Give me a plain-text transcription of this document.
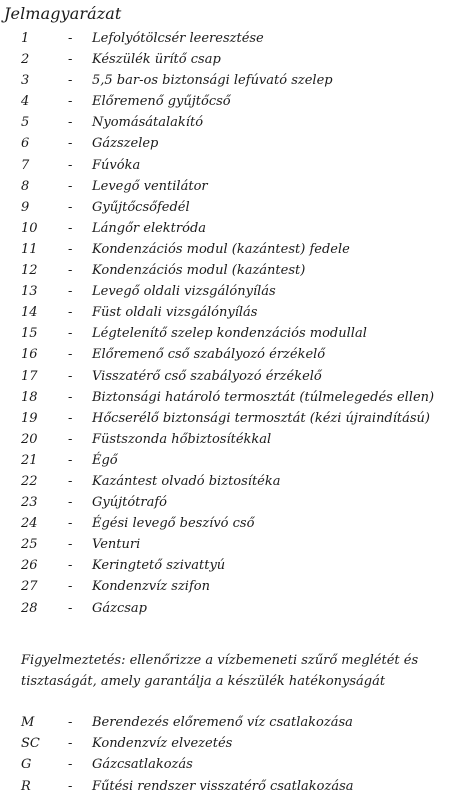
Jelmagyarázat
1	- Lefolyótölcsér leeresztése
2	- Készülék ürítő csap
3	- 5,5 bar-os biztonsági lefúvató szelep
4	- Előremenő gyűjtőcső
5	- Nyomásátalakító
6	- Gázszelep
7	- Fúvóka
8	- Levegő ventilátor
9	- Gyűjtőcsőfedél
10 - Lángőr elektróda
11 - Kondenzációs modul (kazántest) fedele
12 - Kondenzációs modul (kazántest)
13 - Levegő oldali vizsgálónyílás
14 - Füst oldali vizsgálónyílás
15 - Légtelenítő szelep kondenzációs modullal
16 - Előremenő cső szabályozó érzékelő
17 - Visszatérő cső szabályozó érzékelő
18 - Biztonsági határoló termosztát (túlmelegedés ellen)
19 - Hőcserélő biztonsági termosztát (kézi újraindítású)
20 - Füstszonda hőbiztosítékkal
21 - Égő
22 - Kazántest olvadó biztosítéka
23 - Gyújtótrafó
24 - Égési levegő beszívó cső
25 - Venturi
26 - Keringtető szivattyú
27 - Kondenzvíz szifon
28 - Gázcsap

Figyelmeztetés: ellenőrizze a vízbemeneti szűrő meglétét és tisztaságát, amely garantálja a készülék hatékonyságát

M	- Berendezés előremenő víz csatlakozása
SC - Kondenzvíz elvezetés
G	- Gázcsatlakozás
R	- Fűtési rendszer visszatérő csatlakozása
